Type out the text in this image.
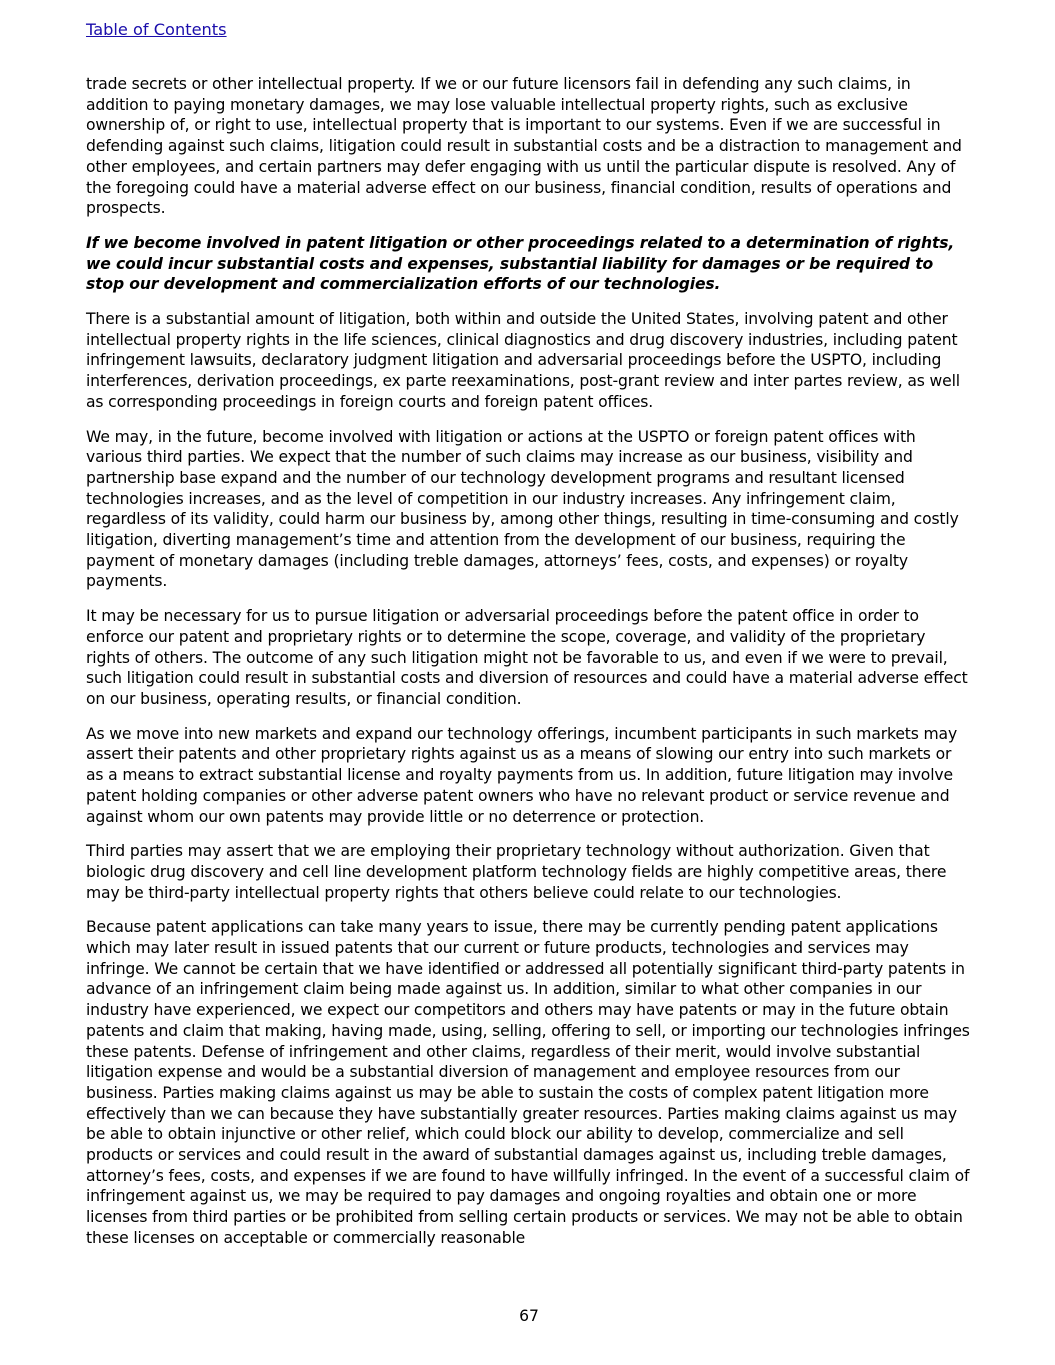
Table of Contents

trade secrets or other intellectual property. If we or our future licensors fail in defending any such claims, in addition to paying monetary damages, we may lose valuable intellectual property rights, such as exclusive ownership of, or right to use, intellectual property that is important to our systems. Even if we are successful in defending against such claims, litigation could result in substantial costs and be a distraction to management and other employees, and certain partners may defer engaging with us until the particular dispute is resolved. Any of the foregoing could have a material adverse effect on our business, financial condition, results of operations and prospects.

If we become involved in patent litigation or other proceedings related to a determination of rights, we could incur substantial costs and expenses, substantial liability for damages or be required to stop our development and commercialization efforts of our technologies.

There is a substantial amount of litigation, both within and outside the United States, involving patent and other intellectual property rights in the life sciences, clinical diagnostics and drug discovery industries, including patent infringement lawsuits, declaratory judgment litigation and adversarial proceedings before the USPTO, including interferences, derivation proceedings, ex parte reexaminations, post-grant review and inter partes review, as well as corresponding proceedings in foreign courts and foreign patent offices.

We may, in the future, become involved with litigation or actions at the USPTO or foreign patent offices with various third parties. We expect that the number of such claims may increase as our business, visibility and partnership base expand and the number of our technology development programs and resultant licensed technologies increases, and as the level of competition in our industry increases. Any infringement claim, regardless of its validity, could harm our business by, among other things, resulting in time-consuming and costly litigation, diverting management’s time and attention from the development of our business, requiring the payment of monetary damages (including treble damages, attorneys’ fees, costs, and expenses) or royalty payments.

It may be necessary for us to pursue litigation or adversarial proceedings before the patent office in order to enforce our patent and proprietary rights or to determine the scope, coverage, and validity of the proprietary rights of others. The outcome of any such litigation might not be favorable to us, and even if we were to prevail, such litigation could result in substantial costs and diversion of resources and could have a material adverse effect on our business, operating results, or financial condition.

As we move into new markets and expand our technology offerings, incumbent participants in such markets may assert their patents and other proprietary rights against us as a means of slowing our entry into such markets or as a means to extract substantial license and royalty payments from us. In addition, future litigation may involve patent holding companies or other adverse patent owners who have no relevant product or service revenue and against whom our own patents may provide little or no deterrence or protection.

Third parties may assert that we are employing their proprietary technology without authorization. Given that biologic drug discovery and cell line development platform technology fields are highly competitive areas, there may be third-party intellectual property rights that others believe could relate to our technologies.

Because patent applications can take many years to issue, there may be currently pending patent applications which may later result in issued patents that our current or future products, technologies and services may infringe. We cannot be certain that we have identified or addressed all potentially significant third-party patents in advance of an infringement claim being made against us. In addition, similar to what other companies in our industry have experienced, we expect our competitors and others may have patents or may in the future obtain patents and claim that making, having made, using, selling, offering to sell, or importing our technologies infringes these patents. Defense of infringement and other claims, regardless of their merit, would involve substantial litigation expense and would be a substantial diversion of management and employee resources from our business. Parties making claims against us may be able to sustain the costs of complex patent litigation more effectively than we can because they have substantially greater resources. Parties making claims against us may be able to obtain injunctive or other relief, which could block our ability to develop, commercialize and sell products or services and could result in the award of substantial damages against us, including treble damages, attorney’s fees, costs, and expenses if we are found to have willfully infringed. In the event of a successful claim of infringement against us, we may be required to pay damages and ongoing royalties and obtain one or more licenses from third parties or be prohibited from selling certain products or services. We may not be able to obtain these licenses on acceptable or commercially reasonable

67
